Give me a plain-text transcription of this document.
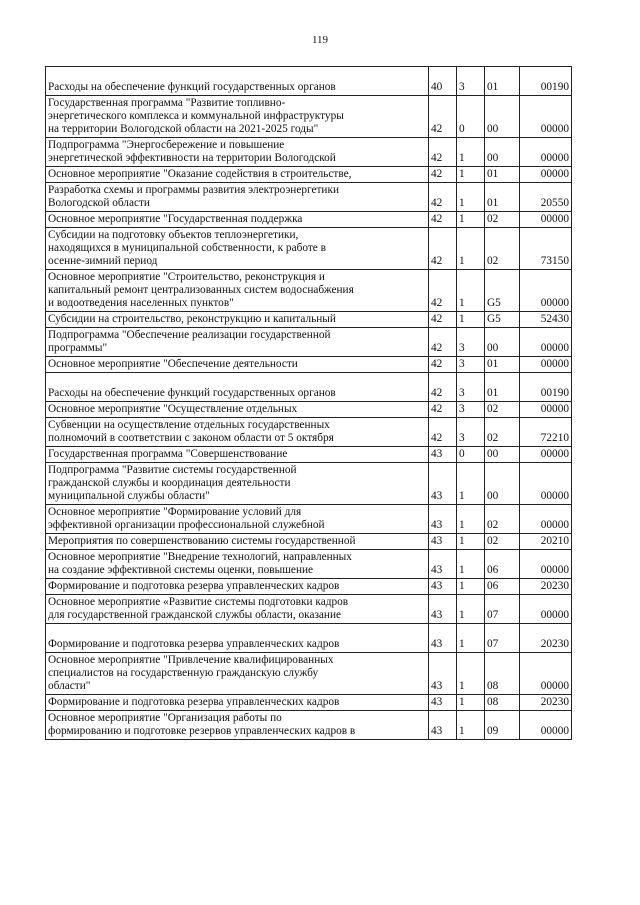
119
Расходы на обеспечение функций государственных органов	40	3	01	00190
Государственная программа "Развитие топливно-
энергетического комплекса и коммунальной инфраструктуры
на территории Вологодской области на 2021-2025 годы"	42	0	00	00000
Подпрограмма "Энергосбережение и повышение
энергетической эффективности на территории Вологодской	42	1	00	00000
Основное мероприятие "Оказание содействия в строительстве,	42	1	01	00000
Разработка схемы и программы развития электроэнергетики
Вологодской области	42	1	01	20550
Основное мероприятие "Государственная поддержка	42	1	02	00000
Субсидии на подготовку объектов теплоэнергетики,
находящихся в муниципальной собственности, к работе в
осенне-зимний период	42	1	02	73150
Основное мероприятие "Строительство, реконструкция и
капитальный ремонт централизованных систем водоснабжения
и водоотведения населенных пунктов"	42	1	G5	00000
Субсидии на строительство, реконструкцию и капитальный	42	1	G5	52430
Подпрограмма "Обеспечение реализации государственной
программы"	42	3	00	00000
Основное мероприятие "Обеспечение деятельности	42	3	01	00000
Расходы на обеспечение функций государственных органов	42	3	01	00190
Основное мероприятие "Осуществление отдельных	42	3	02	00000
Субвенции на осуществление отдельных государственных
полномочий в соответствии с законом области от 5 октября	42	3	02	72210
Государственная программа "Совершенствование	43	0	00	00000
Подпрограмма "Развитие системы государственной
гражданской службы и координация деятельности
муниципальной службы области"	43	1	00	00000
Основное мероприятие "Формирование условий для
эффективной организации профессиональной служебной	43	1	02	00000
Мероприятия по совершенствованию системы государственной	43	1	02	20210
Основное мероприятие "Внедрение технологий, направленных
на создание эффективной системы оценки, повышение	43	1	06	00000
Формирование и подготовка резерва управленческих кадров	43	1	06	20230
Основное мероприятие «Развитие системы подготовки кадров
для государственной гражданской службы области, оказание	43	1	07	00000
Формирование и подготовка резерва управленческих кадров	43	1	07	20230
Основное мероприятие "Привлечение квалифицированных
специалистов на государственную гражданскую службу
области"	43	1	08	00000
Формирование и подготовка резерва управленческих кадров	43	1	08	20230
Основное мероприятие "Организация работы по
формированию и подготовке резервов управленческих кадров в	43	1	09	00000
